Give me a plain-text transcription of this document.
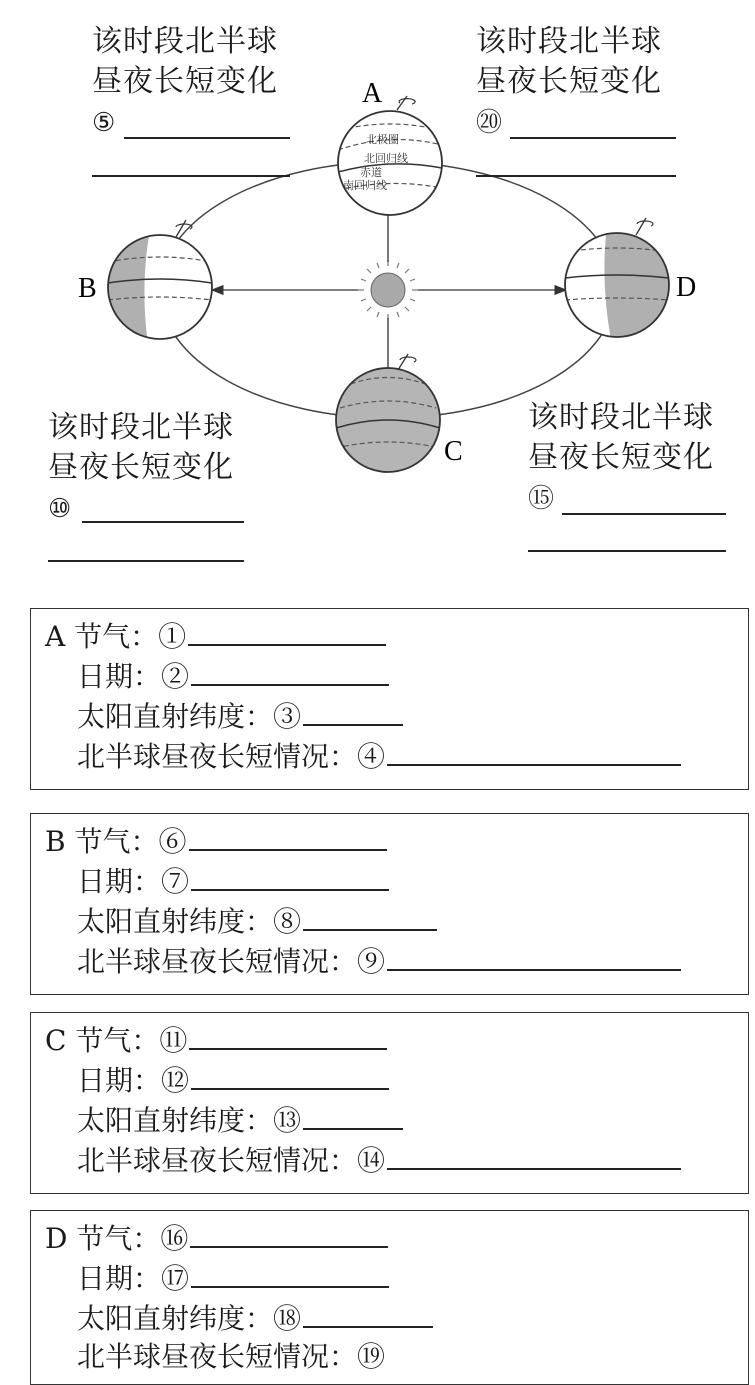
北极圈
北回归线
赤道
南回归线
A
B
C
D
该时段北半球
昼夜长短变化
⑤
该时段北半球
昼夜长短变化
⑳
该时段北半球
昼夜长短变化
⑩
该时段北半球
昼夜长短变化
⑮
A 节气：①
日期：②
太阳直射纬度：③
北半球昼夜长短情况：④
B 节气：⑥
日期：⑦
太阳直射纬度：⑧
北半球昼夜长短情况：⑨
C 节气：⑪
日期：⑫
太阳直射纬度：⑬
北半球昼夜长短情况：⑭
D 节气：⑯
日期：⑰
太阳直射纬度：⑱
北半球昼夜长短情况：⑲
